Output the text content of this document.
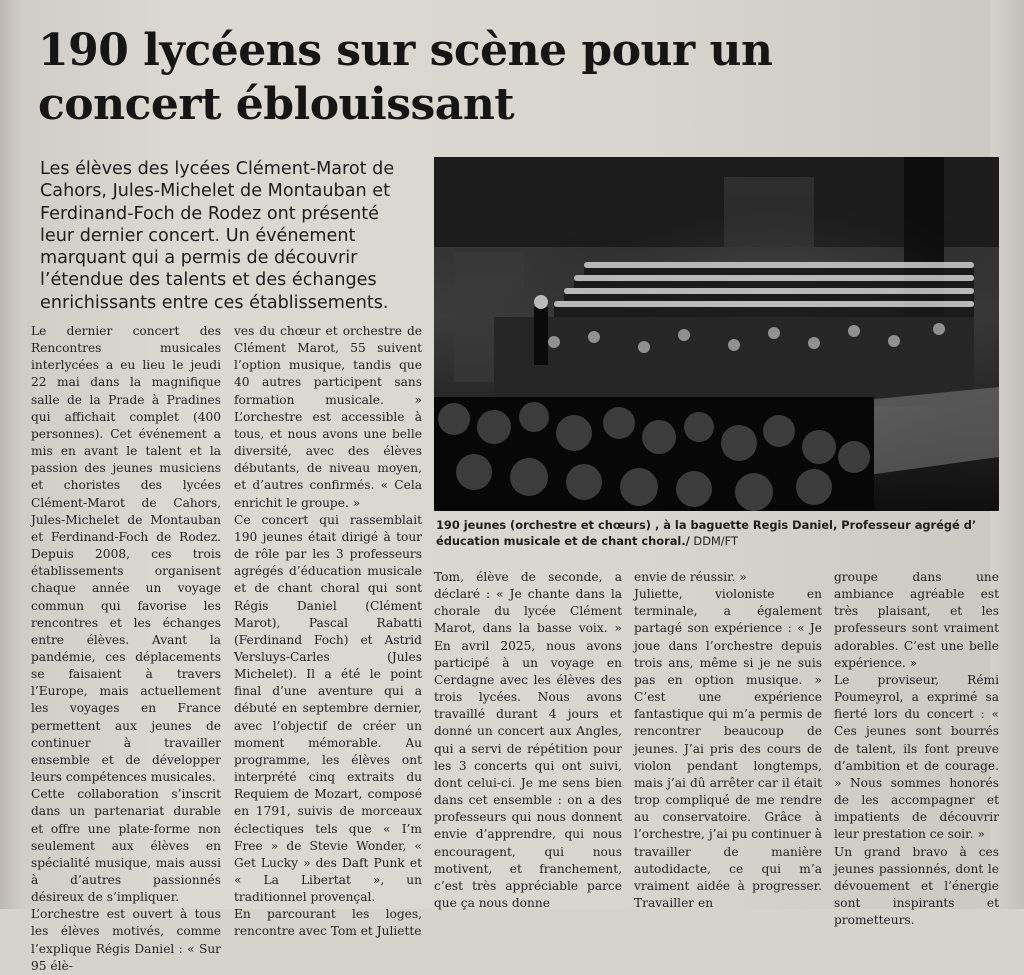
190 lycéens sur scène pour un
concert éblouissant

Les élèves des lycées Clément-Marot de Cahors, Jules-Michelet de Montauban et Ferdinand-Foch de Rodez ont présenté leur dernier concert. Un événement marquant qui a permis de découvrir l’étendue des talents et des échanges enrichissants entre ces établissements.

190 jeunes (orchestre et chœurs) , à la baguette Regis Daniel, Professeur agrégé d’ éducation musicale et de chant choral./ DDM/FT

Le dernier concert des Rencontres musicales interlycées a eu lieu le jeudi 22 mai dans la magnifique salle de la Prade à Pradines qui affichait complet (400 personnes). Cet événement a mis en avant le talent et la passion des jeunes musiciens et choristes des lycées Clément-Marot de Cahors, Jules-Michelet de Montauban et Ferdinand-Foch de Rodez. Depuis 2008, ces trois établissements organisent chaque année un voyage commun qui favorise les rencontres et les échanges entre élèves. Avant la pandémie, ces déplacements se faisaient à travers l’Europe, mais actuellement les voyages en France permettent aux jeunes de continuer à travailler ensemble et de développer leurs compétences musicales.

Cette collaboration s’inscrit dans un partenariat durable et offre une plate-forme non seulement aux élèves en spécialité musique, mais aussi à d’autres passionnés désireux de s’impliquer.

L’orchestre est ouvert à tous les élèves motivés, comme l’explique Régis Daniel : « Sur 95 élè-

ves du chœur et orchestre de Clément Marot, 55 suivent l’option musique, tandis que 40 autres participent sans formation musicale. » L’orchestre est accessible à tous, et nous avons une belle diversité, avec des élèves débutants, de niveau moyen, et d’autres confirmés. « Cela enrichit le groupe. »

Ce concert qui rassemblait 190 jeunes était dirigé à tour de rôle par les 3 professeurs agrégés d’éducation musicale et de chant choral qui sont Régis Daniel (Clément Marot), Pascal Rabatti (Ferdinand Foch) et Astrid Versluys-Carles (Jules Michelet). Il a été le point final d’une aventure qui a débuté en septembre dernier, avec l’objectif de créer un moment mémorable. Au programme, les élèves ont interprété cinq extraits du Requiem de Mozart, composé en 1791, suivis de morceaux éclectiques tels que « I’m Free » de Stevie Wonder, « Get Lucky » des Daft Punk et « La Libertat », un traditionnel provençal.

En parcourant les loges, rencontre avec Tom et Juliette

Tom, élève de seconde, a déclaré : « Je chante dans la chorale du lycée Clément Marot, dans la basse voix. » En avril 2025, nous avons participé à un voyage en Cerdagne avec les élèves des trois lycées. Nous avons travaillé durant 4 jours et donné un concert aux Angles, qui a servi de répétition pour les 3 concerts qui ont suivi, dont celui-ci. Je me sens bien dans cet ensemble : on a des professeurs qui nous donnent envie d’apprendre, qui nous encouragent, qui nous motivent, et franchement, c’est très appréciable parce que ça nous donne

envie de réussir. »

Juliette, violoniste en terminale, a également partagé son expérience : « Je joue dans l’orchestre depuis trois ans, même si je ne suis pas en option musique. » C’est une expérience fantastique qui m’a permis de rencontrer beaucoup de jeunes. J’ai pris des cours de violon pendant longtemps, mais j’ai dû arrêter car il était trop compliqué de me rendre au conservatoire. Grâce à l’orchestre, j’ai pu continuer à travailler de manière autodidacte, ce qui m’a vraiment aidée à progresser. Travailler en

groupe dans une ambiance agréable est très plaisant, et les professeurs sont vraiment adorables. C’est une belle expérience. »

Le proviseur, Rémi Poumeyrol, a exprimé sa fierté lors du concert : « Ces jeunes sont bourrés de talent, ils font preuve d’ambition et de courage. » Nous sommes honorés de les accompagner et impatients de découvrir leur prestation ce soir. »

Un grand bravo à ces jeunes passionnés, dont le dévouement et l’énergie sont inspirants et prometteurs.
